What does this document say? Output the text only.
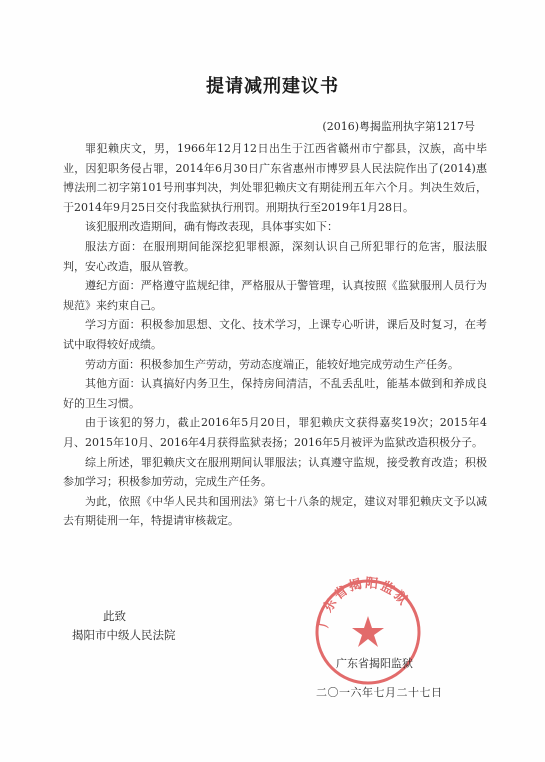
提请减刑建议书
(2016)粤揭监刑执字第1217号

罪犯赖庆文，男，1966年12月12日出生于江西省赣州市宁都县，汉族，高中毕业，因犯职务侵占罪，2014年6月30日广东省惠州市博罗县人民法院作出了(2014)惠博法刑二初字第101号刑事判决，判处罪犯赖庆文有期徒刑五年六个月。判决生效后，于2014年9月25日交付我监狱执行刑罚。刑期执行至2019年1月28日。

该犯服刑改造期间，确有悔改表现，具体事实如下：

服法方面：在服刑期间能深挖犯罪根源，深刻认识自己所犯罪行的危害，服法服判，安心改造，服从管教。

遵纪方面：严格遵守监规纪律，严格服从于警管理，认真按照《监狱服刑人员行为规范》来约束自己。

学习方面：积极参加思想、文化、技术学习，上课专心听讲，课后及时复习，在考试中取得较好成绩。

劳动方面：积极参加生产劳动，劳动态度端正，能较好地完成劳动生产任务。

其他方面：认真搞好内务卫生，保持房间清洁，不乱丢乱吐，能基本做到和养成良好的卫生习惯。

由于该犯的努力，截止2016年5月20日，罪犯赖庆文获得嘉奖19次；2015年4月、2015年10月、2016年4月获得监狱表扬；2016年5月被评为监狱改造积极分子。

综上所述，罪犯赖庆文在服刑期间认罪服法；认真遵守监规，接受教育改造；积极参加学习；积极参加劳动，完成生产任务。

为此，依照《中华人民共和国刑法》第七十八条的规定，建议对罪犯赖庆文予以减去有期徒刑一年，特提请审核裁定。

此致
揭阳市中级人民法院
广东省揭阳监狱
广东省揭阳监狱
二〇一六年七月二十七日
